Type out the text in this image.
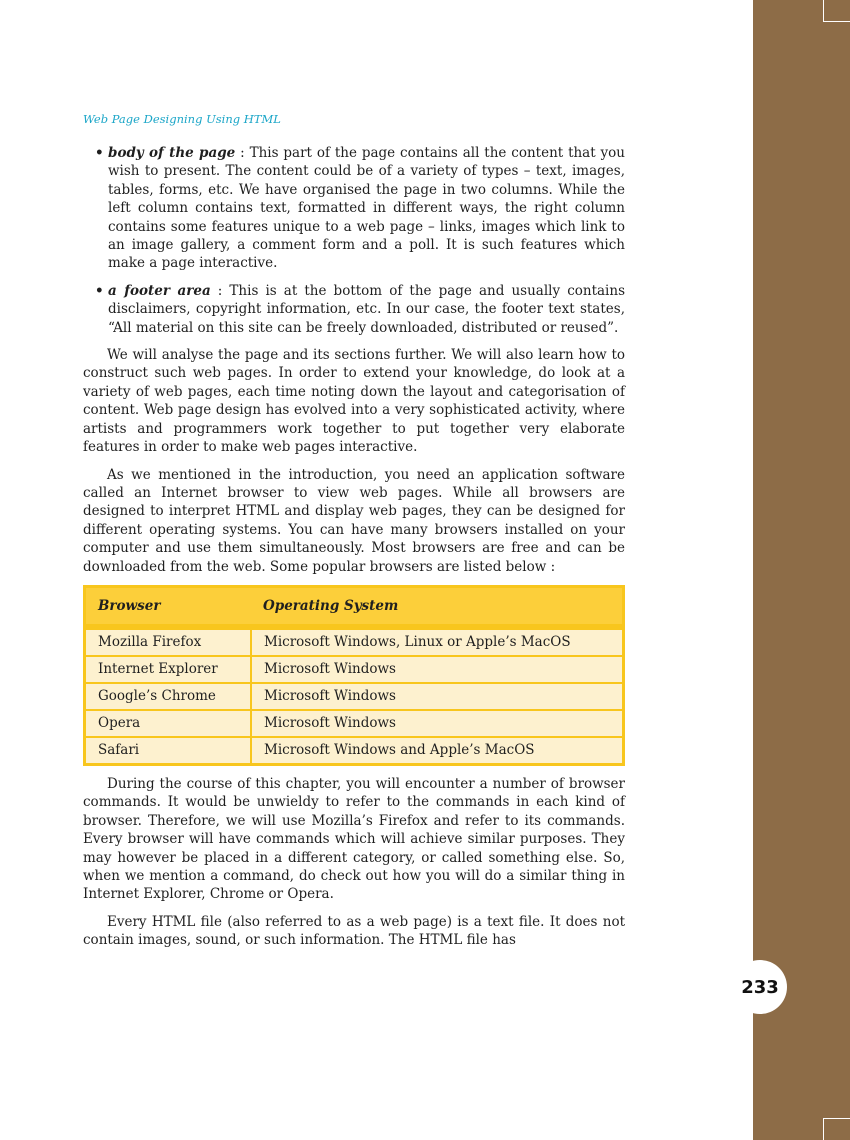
233
Web Page Designing Using HTML
• body of the page : This part of the page contains all the content that you wish to present. The content could be of a variety of types – text, images, tables, forms, etc. We have organised the page in two columns. While the left column contains text, formatted in different ways, the right column contains some features unique to a web page – links, images which link to an image gallery, a comment form and a poll. It is such features which make a page interactive.
• a footer area : This is at the bottom of the page and usually contains disclaimers, copyright information, etc. In our case, the footer text states, “All material on this site can be freely downloaded, distributed or reused”.

We will analyse the page and its sections further. We will also learn how to construct such web pages. In order to extend your knowledge, do look at a variety of web pages, each time noting down the layout and categorisation of content. Web page design has evolved into a very sophisticated activity, where artists and programmers work together to put together very elaborate features in order to make web pages interactive.

As we mentioned in the introduction, you need an application software called an Internet browser to view web pages. While all browsers are designed to interpret HTML and display web pages, they can be designed for different operating systems. You can have many browsers installed on your computer and use them simultaneously. Most browsers are free and can be downloaded from the web. Some popular browsers are listed below :

Browser	Operating System
Mozilla Firefox	Microsoft Windows, Linux or Apple’s MacOS
Internet Explorer	Microsoft Windows
Google’s Chrome	Microsoft Windows
Opera	Microsoft Windows
Safari	Microsoft Windows and Apple’s MacOS

During the course of this chapter, you will encounter a number of browser commands. It would be unwieldy to refer to the commands in each kind of browser. Therefore, we will use Mozilla’s Firefox and refer to its commands. Every browser will have commands which will achieve similar purposes. They may however be placed in a different category, or called something else. So, when we mention a command, do check out how you will do a similar thing in Internet Explorer, Chrome or Opera.

Every HTML file (also referred to as a web page) is a text file. It does not contain images, sound, or such information. The HTML file has
